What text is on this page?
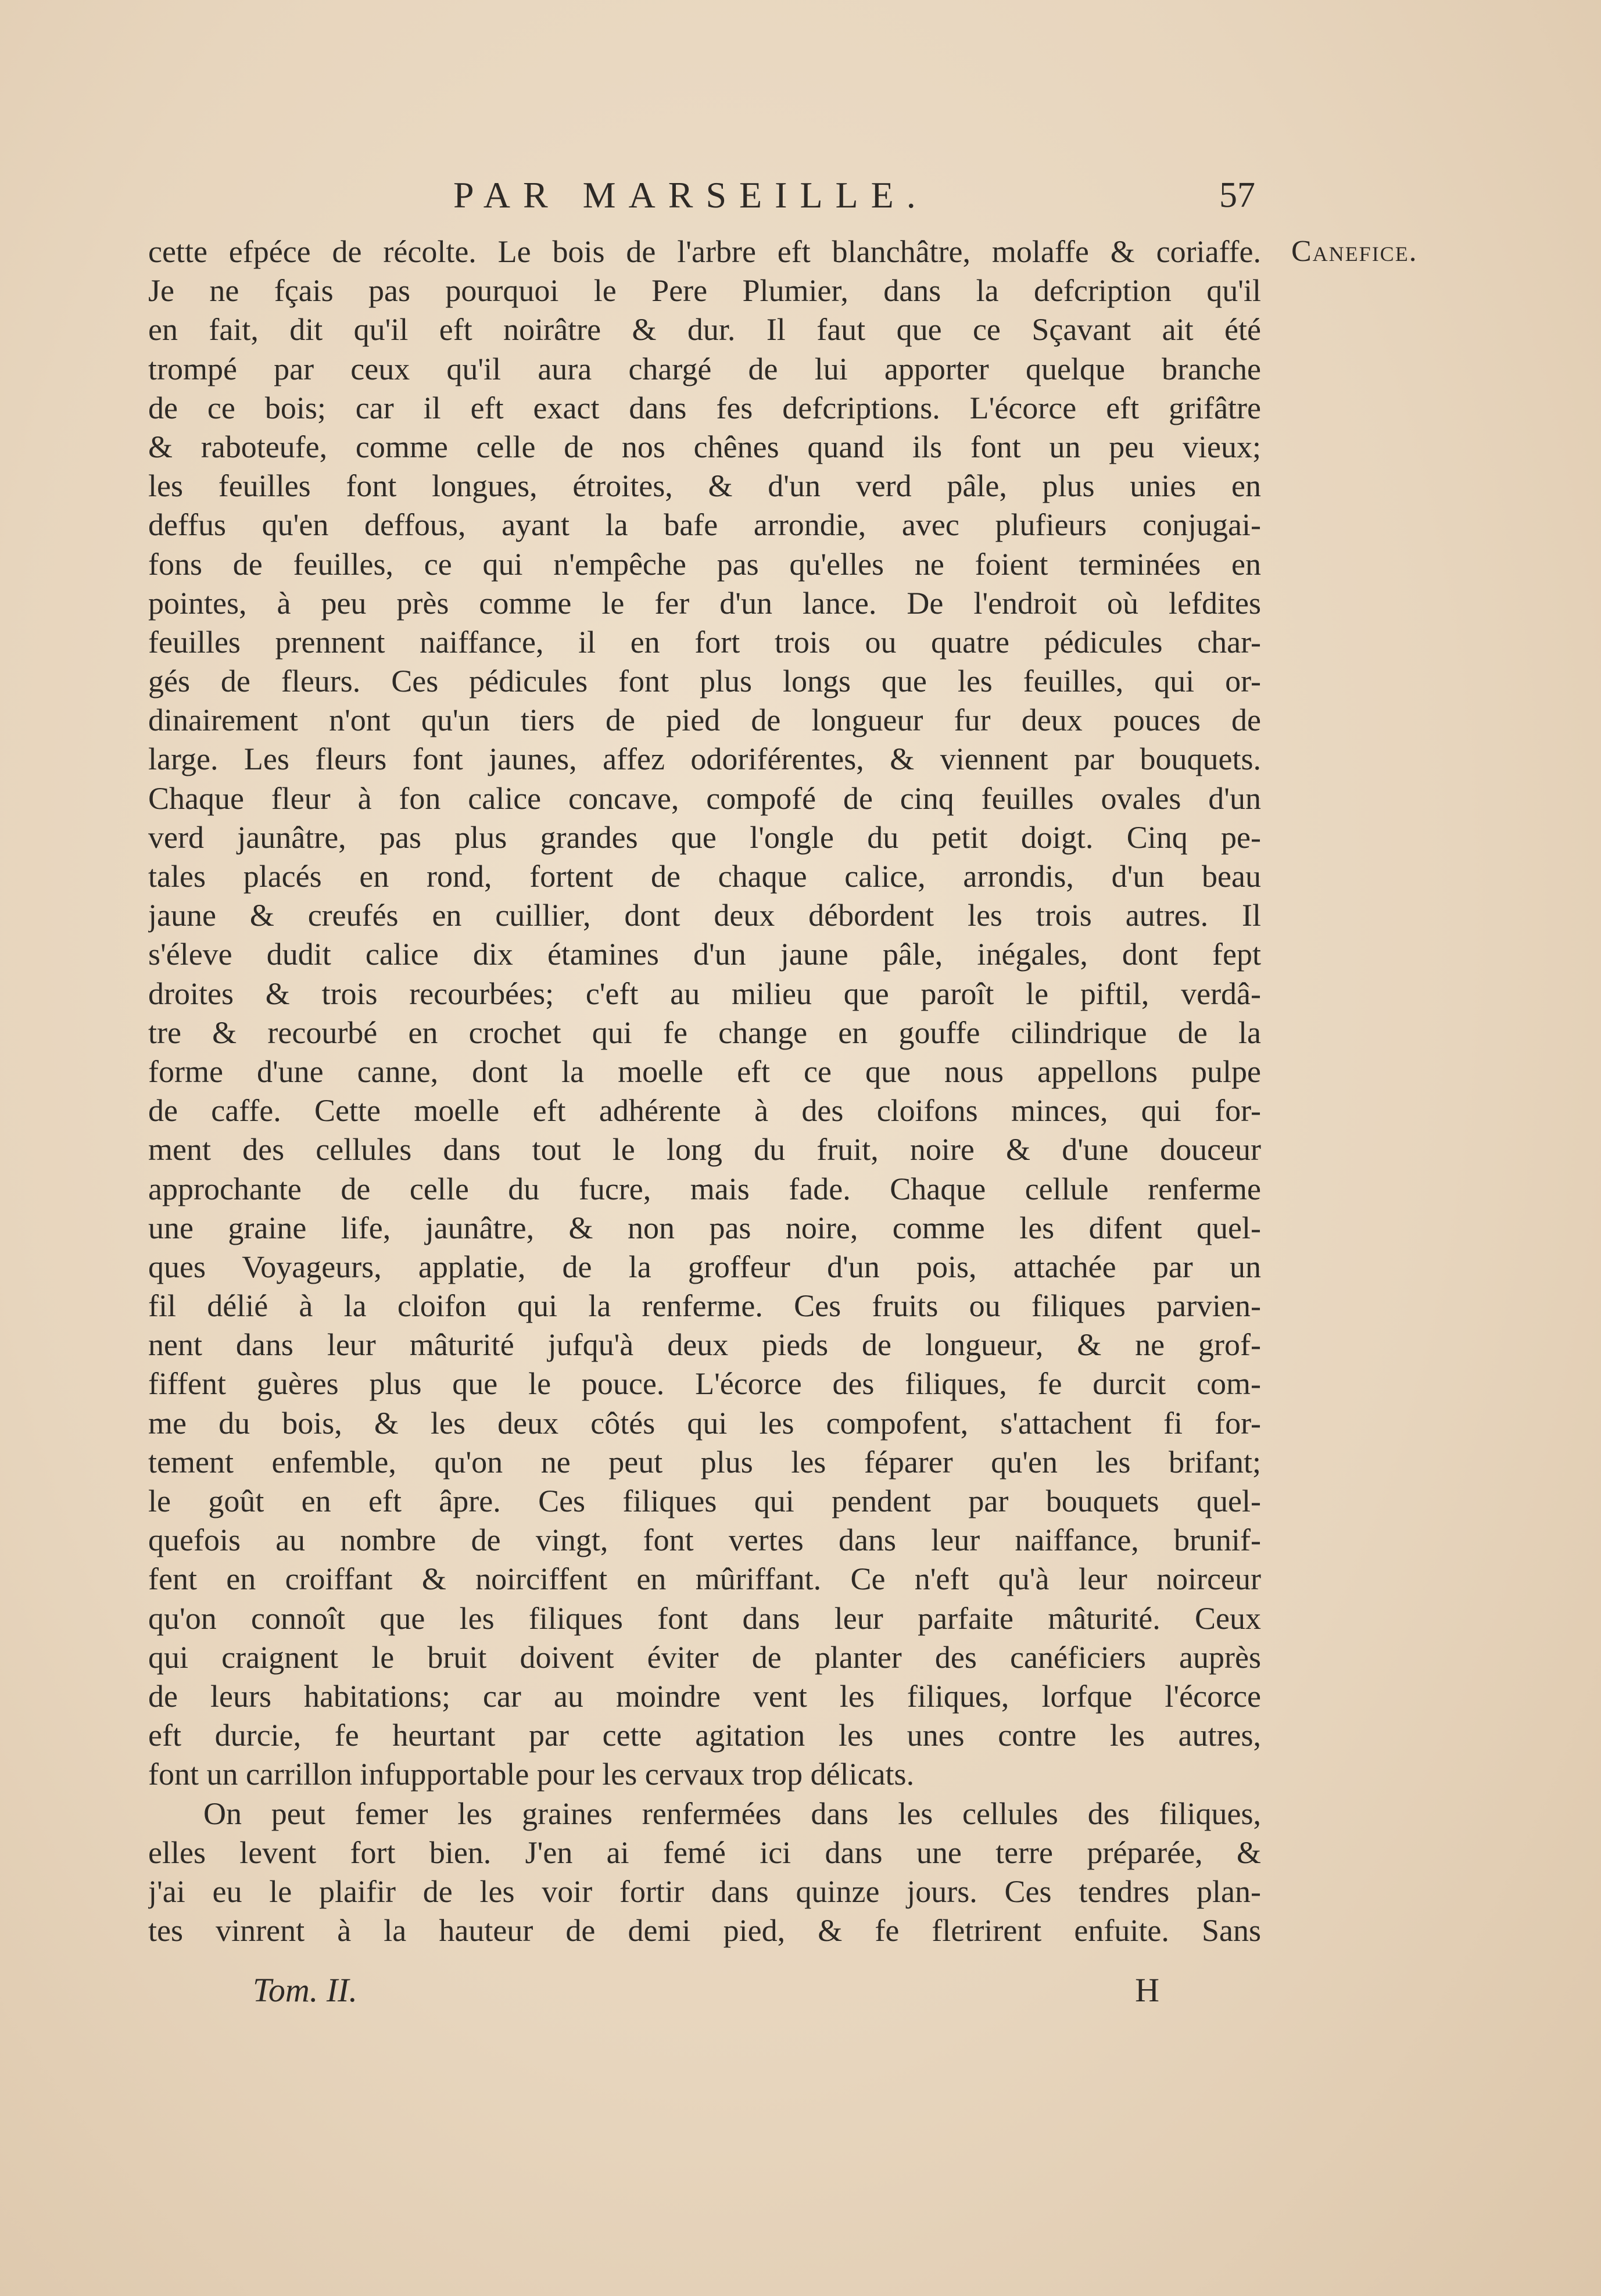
PAR MARSEILLE.	57
Canefice.
cette efpéce de récolte. Le bois de l'arbre eft blanchâtre, molaffe & coriaffe.
Je ne fçais pas pourquoi le Pere Plumier, dans la defcription qu'il
en fait, dit qu'il eft noirâtre & dur. Il faut que ce Sçavant ait été
trompé par ceux qu'il aura chargé de lui apporter quelque branche
de ce bois; car il eft exact dans fes defcriptions. L'écorce eft grifâtre
& raboteufe, comme celle de nos chênes quand ils font un peu vieux;
les feuilles font longues, étroites, & d'un verd pâle, plus unies en
deffus qu'en deffous, ayant la bafe arrondie, avec plufieurs conjugai-
fons de feuilles, ce qui n'empêche pas qu'elles ne foient terminées en
pointes, à peu près comme le fer d'un lance. De l'endroit où lefdites
feuilles prennent naiffance, il en fort trois ou quatre pédicules char-
gés de fleurs. Ces pédicules font plus longs que les feuilles, qui or-
dinairement n'ont qu'un tiers de pied de longueur fur deux pouces de
large. Les fleurs font jaunes, affez odoriférentes, & viennent par bouquets.
Chaque fleur à fon calice concave, compofé de cinq feuilles ovales d'un
verd jaunâtre, pas plus grandes que l'ongle du petit doigt. Cinq pe-
tales placés en rond, fortent de chaque calice, arrondis, d'un beau
jaune & creufés en cuillier, dont deux débordent les trois autres. Il
s'éleve dudit calice dix étamines d'un jaune pâle, inégales, dont fept
droites & trois recourbées; c'eft au milieu que paroît le piftil, verdâ-
tre & recourbé en crochet qui fe change en gouffe cilindrique de la
forme d'une canne, dont la moelle eft ce que nous appellons pulpe
de caffe. Cette moelle eft adhérente à des cloifons minces, qui for-
ment des cellules dans tout le long du fruit, noire & d'une douceur
approchante de celle du fucre, mais fade. Chaque cellule renferme
une graine life, jaunâtre, & non pas noire, comme les difent quel-
ques Voyageurs, applatie, de la groffeur d'un pois, attachée par un
fil délié à la cloifon qui la renferme. Ces fruits ou filiques parvien-
nent dans leur mâturité jufqu'à deux pieds de longueur, & ne grof-
fiffent guères plus que le pouce. L'écorce des filiques, fe durcit com-
me du bois, & les deux côtés qui les compofent, s'attachent fi for-
tement enfemble, qu'on ne peut plus les féparer qu'en les brifant;
le goût en eft âpre. Ces filiques qui pendent par bouquets quel-
quefois au nombre de vingt, font vertes dans leur naiffance, brunif-
fent en croiffant & noirciffent en mûriffant. Ce n'eft qu'à leur noirceur
qu'on connoît que les filiques font dans leur parfaite mâturité. Ceux
qui craignent le bruit doivent éviter de planter des canéficiers auprès
de leurs habitations; car au moindre vent les filiques, lorfque l'écorce
eft durcie, fe heurtant par cette agitation les unes contre les autres,
font un carrillon infupportable pour les cervaux trop délicats.
On peut femer les graines renfermées dans les cellules des filiques,
elles levent fort bien. J'en ai femé ici dans une terre préparée, &
j'ai eu le plaifir de les voir fortir dans quinze jours. Ces tendres plan-
tes vinrent à la hauteur de demi pied, & fe fletrirent enfuite. Sans
Tom. II.	H
